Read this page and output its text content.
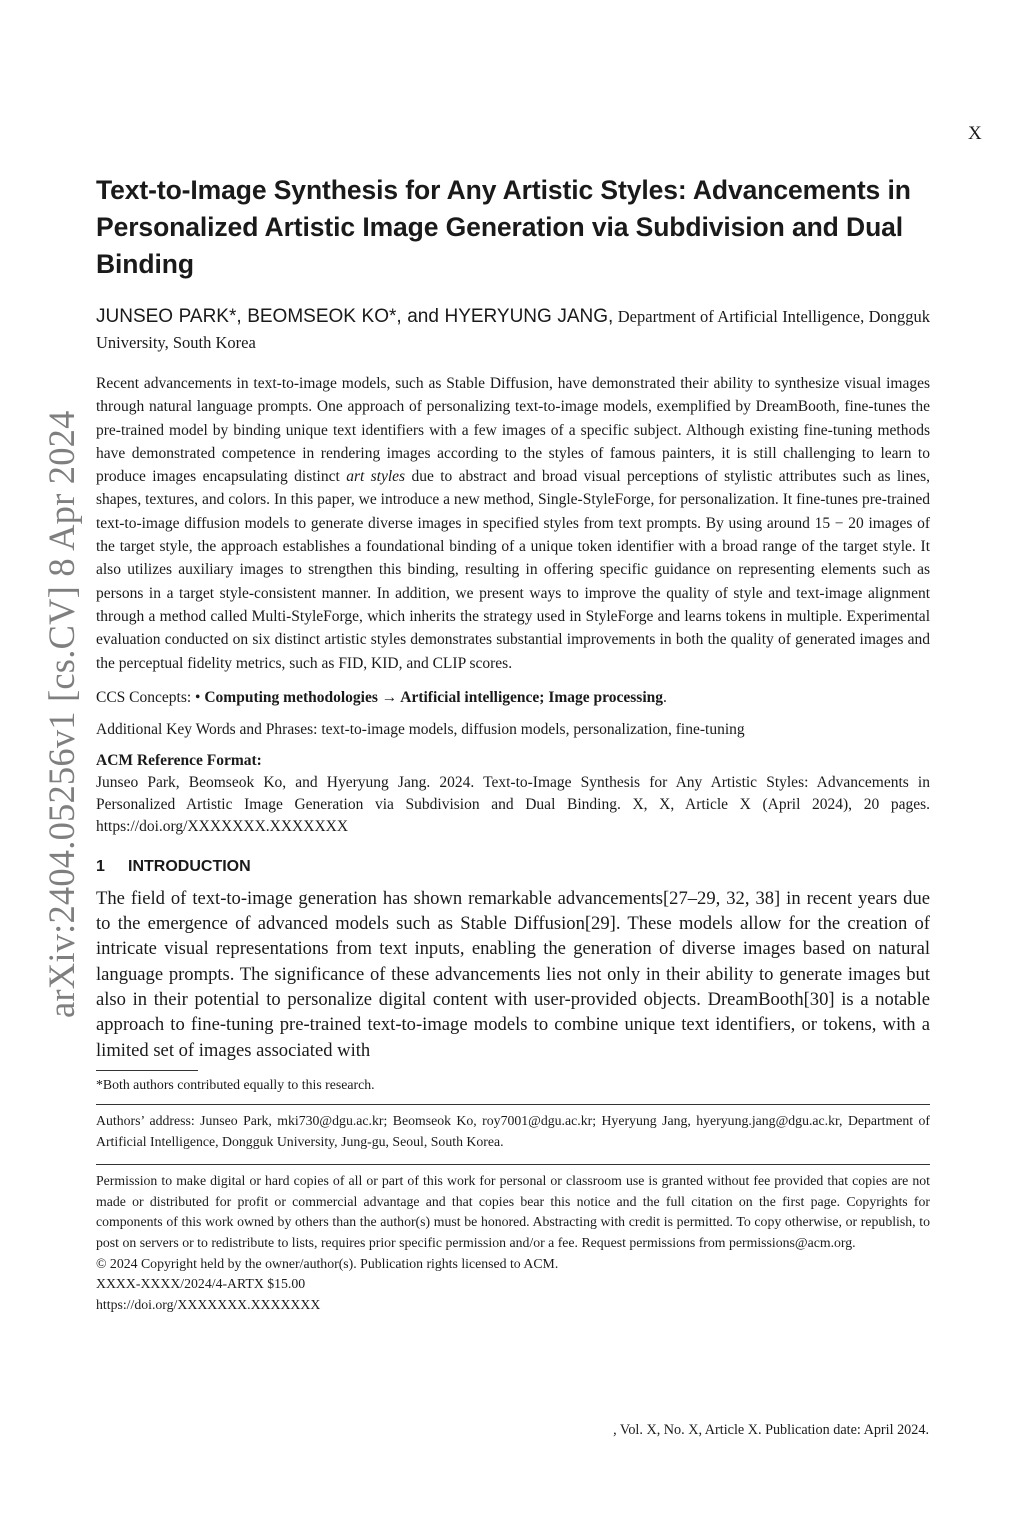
X
arXiv:2404.05256v1 [cs.CV] 8 Apr 2024
Text-to-Image Synthesis for Any Artistic Styles: Advancements in Personalized Artistic Image Generation via Subdivision and Dual Binding
JUNSEO PARK*, BEOMSEOK KO*, and HYERYUNG JANG, Department of Artificial Intelligence, Dongguk University, South Korea
Recent advancements in text-to-image models, such as Stable Diffusion, have demonstrated their ability to synthesize visual images through natural language prompts. One approach of personalizing text-to-image models, exemplified by DreamBooth, fine-tunes the pre-trained model by binding unique text identifiers with a few images of a specific subject. Although existing fine-tuning methods have demonstrated competence in rendering images according to the styles of famous painters, it is still challenging to learn to produce images encapsulating distinct art styles due to abstract and broad visual perceptions of stylistic attributes such as lines, shapes, textures, and colors. In this paper, we introduce a new method, Single-StyleForge, for personalization. It fine-tunes pre-trained text-to-image diffusion models to generate diverse images in specified styles from text prompts. By using around 15 − 20 images of the target style, the approach establishes a foundational binding of a unique token identifier with a broad range of the target style. It also utilizes auxiliary images to strengthen this binding, resulting in offering specific guidance on representing elements such as persons in a target style-consistent manner. In addition, we present ways to improve the quality of style and text-image alignment through a method called Multi-StyleForge, which inherits the strategy used in StyleForge and learns tokens in multiple. Experimental evaluation conducted on six distinct artistic styles demonstrates substantial improvements in both the quality of generated images and the perceptual fidelity metrics, such as FID, KID, and CLIP scores.
CCS Concepts: • Computing methodologies → Artificial intelligence; Image processing.
Additional Key Words and Phrases: text-to-image models, diffusion models, personalization, fine-tuning
ACM Reference Format:
Junseo Park, Beomseok Ko, and Hyeryung Jang. 2024. Text-to-Image Synthesis for Any Artistic Styles: Advancements in Personalized Artistic Image Generation via Subdivision and Dual Binding. X, X, Article X (April 2024), 20 pages. https://doi.org/XXXXXXX.XXXXXXX
1 INTRODUCTION
The field of text-to-image generation has shown remarkable advancements[27–29, 32, 38] in recent years due to the emergence of advanced models such as Stable Diffusion[29]. These models allow for the creation of intricate visual representations from text inputs, enabling the generation of diverse images based on natural language prompts. The significance of these advancements lies not only in their ability to generate images but also in their potential to personalize digital content with user-provided objects. DreamBooth[30] is a notable approach to fine-tuning pre-trained text-to-image models to combine unique text identifiers, or tokens, with a limited set of images associated with
*Both authors contributed equally to this research.
Authors’ address: Junseo Park, mki730@dgu.ac.kr; Beomseok Ko, roy7001@dgu.ac.kr; Hyeryung Jang, hyeryung.jang@dgu.ac.kr, Department of Artificial Intelligence, Dongguk University, Jung-gu, Seoul, South Korea.
Permission to make digital or hard copies of all or part of this work for personal or classroom use is granted without fee provided that copies are not made or distributed for profit or commercial advantage and that copies bear this notice and the full citation on the first page. Copyrights for components of this work owned by others than the author(s) must be honored. Abstracting with credit is permitted. To copy otherwise, or republish, to post on servers or to redistribute to lists, requires prior specific permission and/or a fee. Request permissions from permissions@acm.org.
© 2024 Copyright held by the owner/author(s). Publication rights licensed to ACM.
XXXX-XXXX/2024/4-ARTX $15.00
https://doi.org/XXXXXXX.XXXXXXX
, Vol. X, No. X, Article X. Publication date: April 2024.
